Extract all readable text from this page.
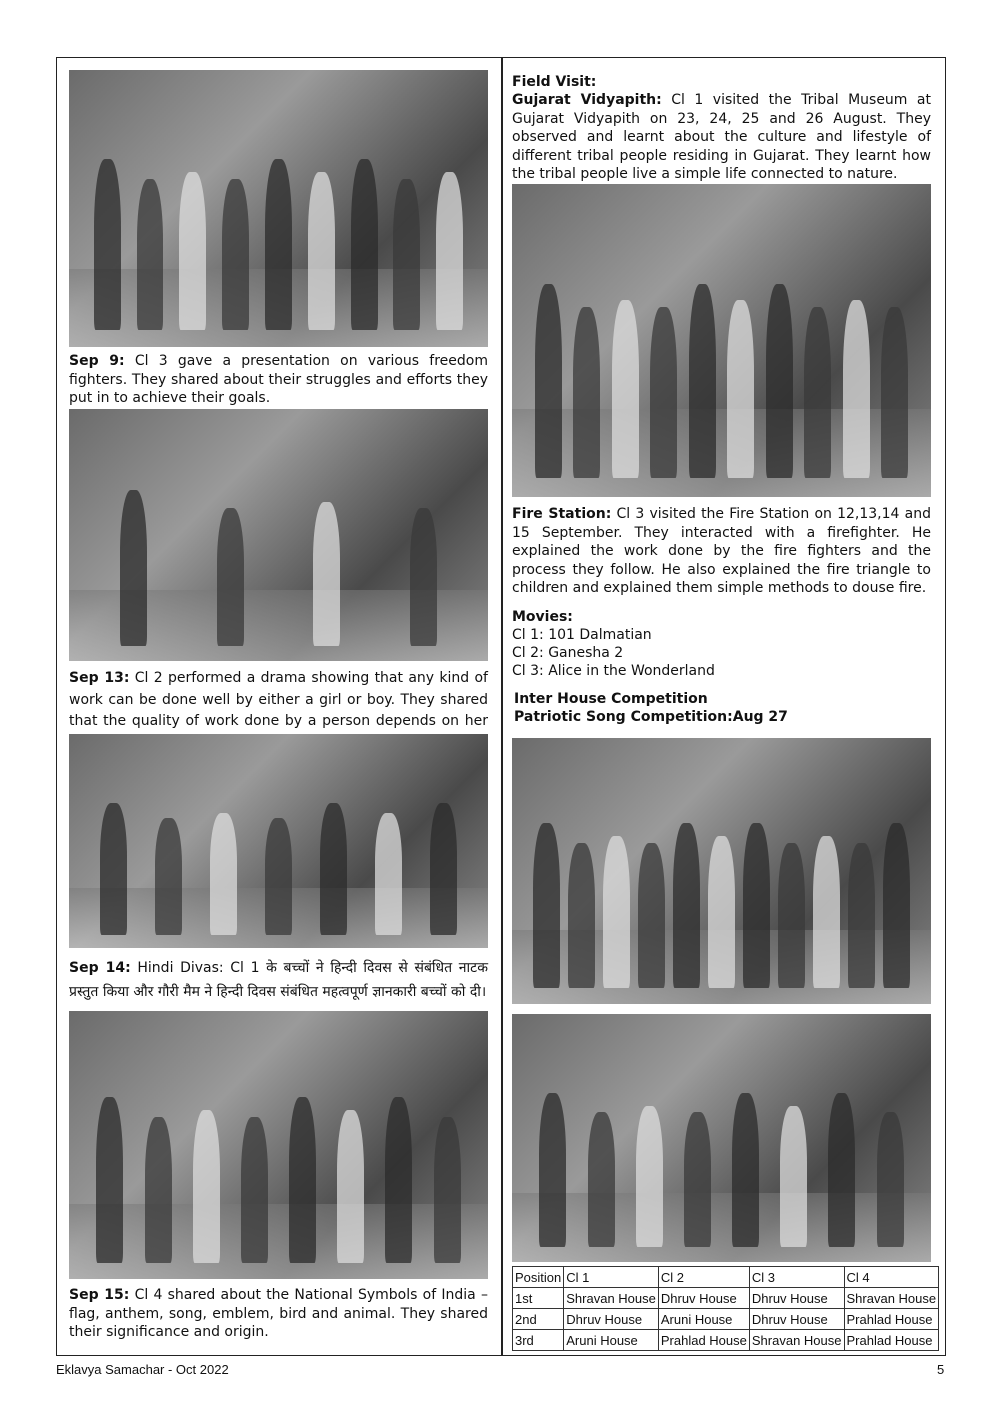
Sep 9: Cl 3 gave a presentation on various freedom fighters. They shared about their struggles and efforts they put in to achieve their goals.
Sep 13: Cl 2 performed a drama showing that any kind of work can be done well by either a girl or boy. They shared that the quality of work done by a person depends on her
Sep 14: Hindi Divas: Cl 1 के बच्चों ने हिन्दी दिवस से संबंधित नाटक प्रस्तुत किया और गौरी मैम ने हिन्दी दिवस संबंधित महत्वपूर्ण ज्ञानकारी बच्चों को दी।
Sep 15: Cl 4 shared about the National Symbols of India – flag, anthem, song, emblem, bird and animal. They shared their significance and origin.
Field Visit:
Gujarat Vidyapith: Cl 1 visited the Tribal Museum at Gujarat Vidyapith on 23, 24, 25 and 26 August. They observed and learnt about the culture and lifestyle of different tribal people residing in Gujarat. They learnt how the tribal people live a simple life connected to nature.
Fire Station: Cl 3 visited the Fire Station on 12,13,14 and 15 September. They interacted with a firefighter. He explained the work done by the fire fighters and the process they follow. He also explained the fire triangle to children and explained them simple methods to douse fire.
Movies:
Cl 1: 101 Dalmatian
Cl 2: Ganesha 2
Cl 3: Alice in the Wonderland
Inter House Competition
Patriotic Song Competition:Aug 27
Position	Cl 1	Cl 2	Cl 3	Cl 4
1st	Shravan House	Dhruv House	Dhruv House	Shravan House
2nd	Dhruv House	Aruni House	Dhruv House	Prahlad House
3rd	Aruni House	Prahlad House	Shravan House	Prahlad House
Eklavya Samachar - Oct 2022	5
